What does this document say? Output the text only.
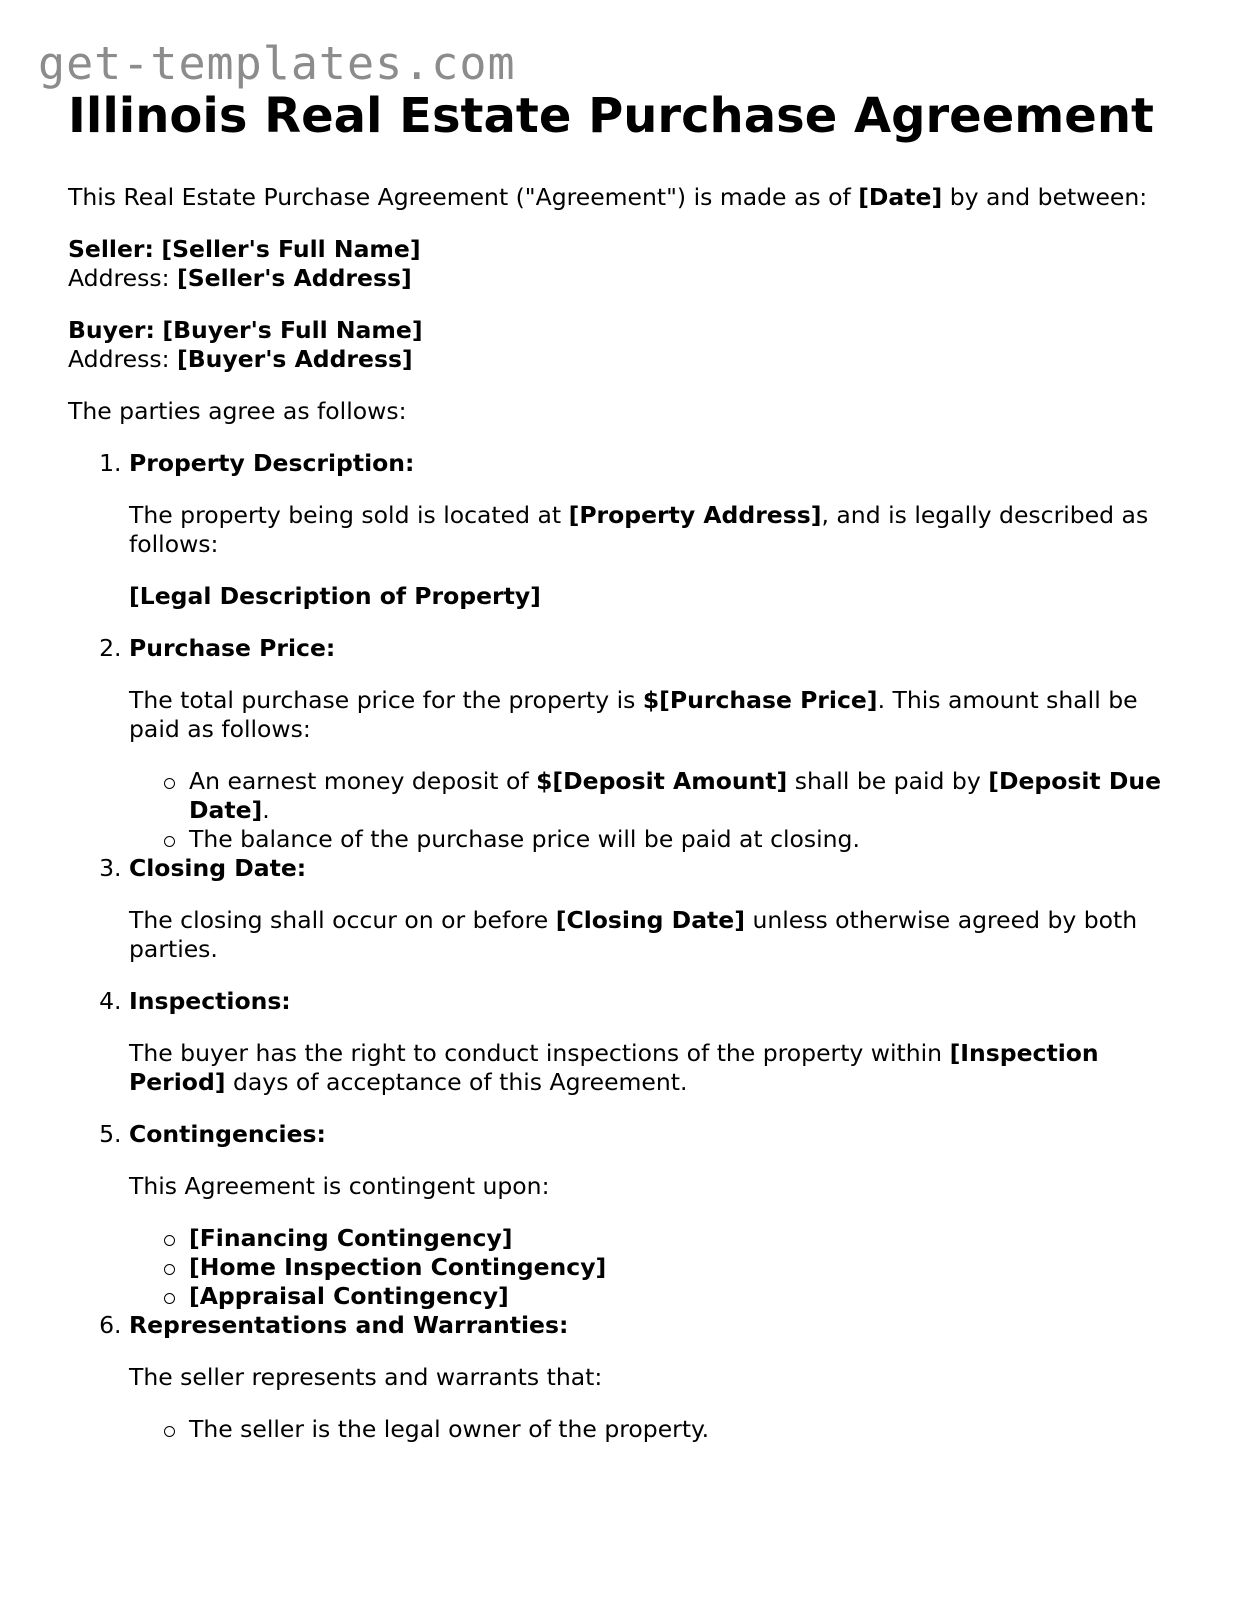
get-templates.com
Illinois Real Estate Purchase Agreement

This Real Estate Purchase Agreement ("Agreement") is made as of [Date] by and between:

Seller: [Seller's Full Name]
Address: [Seller's Address]
Buyer: [Buyer's Full Name]
Address: [Buyer's Address]

The parties agree as follows:

1. Property Description:

The property being sold is located at [Property Address], and is legally described as follows:

[Legal Description of Property]

2. Purchase Price:

The total purchase price for the property is $[Purchase Price]. This amount shall be paid as follows:

An earnest money deposit of $[Deposit Amount] shall be paid by [Deposit Due Date].
The balance of the purchase price will be paid at closing.
3. Closing Date:

The closing shall occur on or before [Closing Date] unless otherwise agreed by both parties.

4. Inspections:

The buyer has the right to conduct inspections of the property within [Inspection Period] days of acceptance of this Agreement.

5. Contingencies:

This Agreement is contingent upon:

[Financing Contingency]
[Home Inspection Contingency]
[Appraisal Contingency]
6. Representations and Warranties:

The seller represents and warrants that:

The seller is the legal owner of the property.
